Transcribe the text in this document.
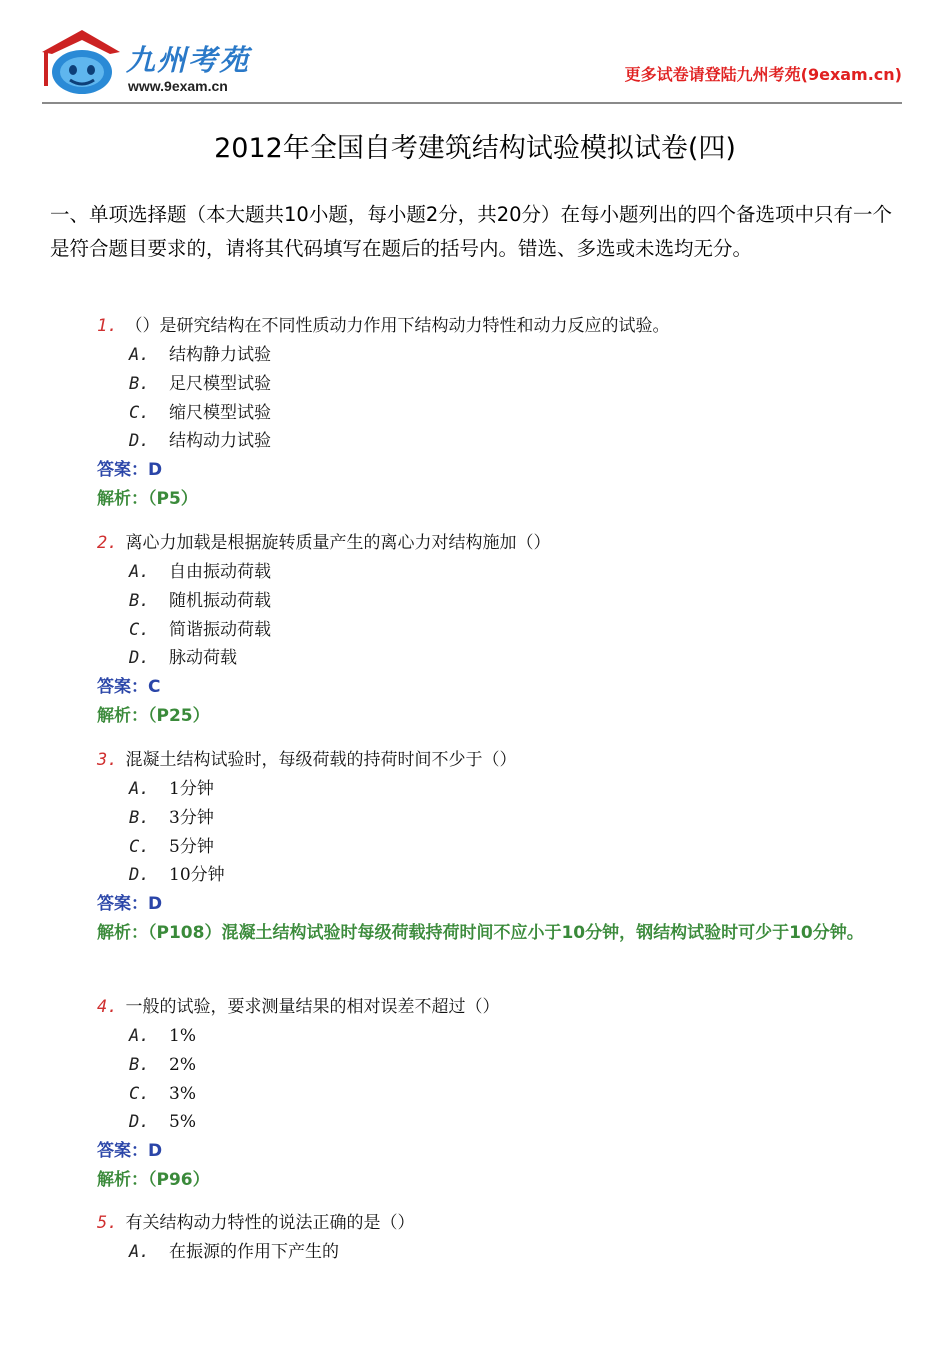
九州考苑
www.9exam.cn
更多试卷请登陆九州考苑(9exam.cn)
2012年全国自考建筑结构试验模拟试卷(四)
一、单项选择题（本大题共10小题，每小题2分，共20分）在每小题列出的四个备选项中只有一个是符合题目要求的，请将其代码填写在题后的括号内。错选、多选或未选均无分。
1. （）是研究结构在不同性质动力作用下结构动力特性和动力反应的试验。
A. 结构静力试验
B. 足尺模型试验
C. 缩尺模型试验
D. 结构动力试验
答案：D
解析：（P5）
2. 离心力加载是根据旋转质量产生的离心力对结构施加（）
A. 自由振动荷载
B. 随机振动荷载
C. 简谐振动荷载
D. 脉动荷载
答案：C
解析：（P25）
3. 混凝土结构试验时，每级荷载的持荷时间不少于（）
A. 1分钟
B. 3分钟
C. 5分钟
D. 10分钟
答案：D
解析：（P108）混凝土结构试验时每级荷载持荷时间不应小于10分钟，钢结构试验时可少于10分钟。
4. 一般的试验，要求测量结果的相对误差不超过（）
A. 1%
B. 2%
C. 3%
D. 5%
答案：D
解析：（P96）
5. 有关结构动力特性的说法正确的是（）
A. 在振源的作用下产生的
